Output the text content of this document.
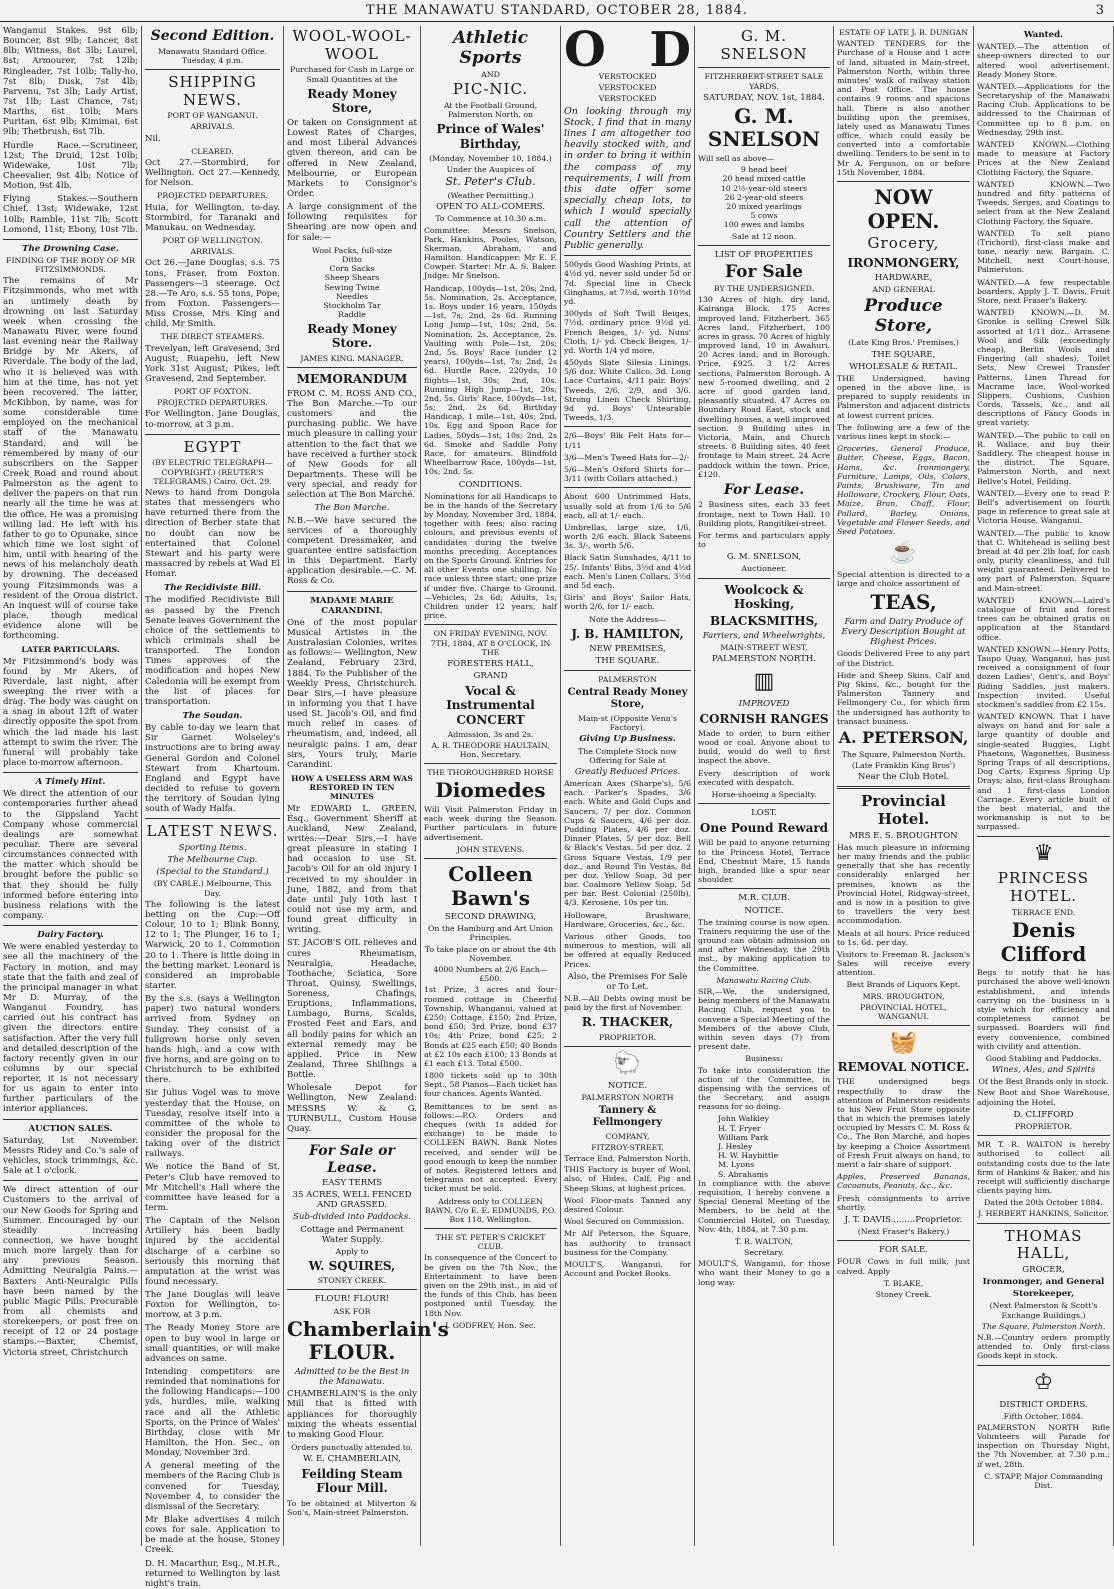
THE MANAWATU STANDARD, OCTOBER 28, 1884.	3

Wanganui Stakes. 9st 6lb; Bouncer, 8st 9lb; Lancer, 8st 8lb; Witness, 8st 3lb; Laurel, 8st; Armourer, 7st 12lb; Ringleader, 7st 10lb; Tally-ho, 7st 8lb; Dusk, 7st 4lb; Parvenu, 7st 3lb; Lady Artist, 7st 1lb; Last Chance, 7st; Marths, 6st 10lb; Mars Puritan, 6st 9lb; Kimimai, 6st 9lb; Thetbrush, 6st 7lb.

Hurdle Race.—Scrutineer, 12st; The Druid, 12st 10lb; Widewake, 10st 7lb; Cheevalier, 9st 4lb; Notice of Motion, 9st 4lb.

Flying Stakes.—Southern Chief, 13st; Widewake, 12st 10lb; Ramble, 11st 7lb; Scott Lomond, 11st; Ebony, 10st 7lb.

The Drowning Case.
FINDING OF THE BODY OF MR FITZSIMMONDS.

The remains of Mr Fitzsimmonds, who met with an untimely death by drowning on last Saturday week when crossing the Manawatu River, were found last evening near the Railway Bridge by Mr Akers, of Riverdale. The body of the lad, who it is believed was with him at the time, has not yet been recovered. The latter, McKibbon, by name, was for some considerable time employed on the mechanical staff of the Manawatu Standard, and will be remembered by many of our subscribers on the Sapper Creek Road and round about Palmerston as the agent to deliver the papers on that run nearly all the time he was at the office. He was a promising willing lad. He left with his father to go to Opunake, since which time we lost sight of him, until with hearing of the news of his melancholy death by drowning. The deceased young Fitzsimmonds was a resident of the Oroua district. An inquest will of course take place, though medical evidence alone will be forthcoming.

LATER PARTICULARS.

Mr Fitzsimmond's body was found by Mr Akers, of Riverdale, last night, after sweeping the river with a drag. The body was caught on a snag in about 12ft of water directly opposite the spot from which the lad made his last attempt to swim the river. The funeral will probably take place to-morrow afternoon.

A Timely Hint.

We direct the attention of our contemporaries further ahead to the Gippsland Yacht Company whose commercial dealings are somewhat peculiar. There are several circumstances connected with the matter which should be brought before the public so that they should be fully informed before entering into business relations with the company.

Dairy Factory.

We were enabled yesterday to see all the machinery of the Factory in motion, and may state that the faith and zeal of the principal manager in what Mr D. Murray, of the Wanganui Foundry, has carried out his contract has given the directors entire satisfaction. After the very full and detailed description of the factory recently given in our columns by our special reporter, it is not necessary for us again to enter into further particulars of the interior appliances.

AUCTION SALES.

Saturday, 1st November. Messrs Ridey and Co.'s sale of vehicles, stock trimmings, &c. Sale at 1 o'clock.

We direct attention of our Customers to the arrival of our New Goods for Spring and Summer. Encouraged by our steadily increasing connection, we have bought much more largely than for any previous Season. Admitting Neuralgia Pains.—Baxters Anti-Neuralgic Pills have been named by the public Magic Pills. Procurable from all chemists and storekeepers, or post free on receipt of 12 or 24 postage stamps.—Baxter, Chemist, Victoria street, Christchurch

Second Edition.
Manawatu Standard Office. Tuesday, 4 p.m.
SHIPPING NEWS.
PORT OF WANGANUI.
ARRIVALS.

Nil.

CLEARED.

Oct 27.—Stormbird, for Wellington. Oct 27.—Kennedy, for Nelson.

PROJECTED DEPARTURES.

Huia, for Wellington, to-day. Stormbird, for Taranaki and Manukau, on Wednesday.

PORT OF WELLINGTON.
ARRIVALS.

Oct 26.—Jane Douglas, s.s. 75 tons, Fraser, from Foxton. Passengers—3 steerage. Oct 28.—Te Aro, s.s. 55 tons, Pope, from Foxton. Passengers—Miss Crosse, Mrs King and child, Mr Smith.

THE DIRECT STEAMERS.

Trevelyan, left Gravesend, 3rd August; Ruapehu, left New York 31st August; Pikes, left Gravesend, 2nd September.

PORT OF FOXTON.
PROJECTED DEPARTURES.

For Wellington. Jane Douglas, to-morrow, at 3 p.m.

EGYPT
(BY ELECTRIC TELEGRAPH—COPYRIGHT.) (REUTER'S TELEGRAMS.) Cairo, Oct. 29.

News to hand from Dongola states that messengers who have returned there from the direction of Berber state that no doubt can now be entertained that Colonel Stewart and his party were massacred by rebels at Wad El Homar.

The Recidiviste Bill.

The modified Recidiviste Bill as passed by the French Senate leaves Government the choice of the settlements to which criminals shall be transported. The London Times approves of the modification and hopes New Caledonia will be exempt from the list of places for transportation.

The Soudan.

By cable to-day we learn that Sir Garnet Wolseley's instructions are to bring away General Gordon and Colonel Stewart from Khartoum. England and Egypt have decided to refuse to govern the territory of Soudan lying south of Wady Halfa.

LATEST NEWS.
Sporting Items.
The Melbourne Cup.
(Special to the Standard.)
(BY CABLE.) Melbourne, This Day.

The following is the latest betting on the Cup:—Off Colour, 10 to 1; Blink Bonny, 12 to 1; The Plunger, 16 to 1; Warwick, 20 to 1. Commotion 20 to 1. There is little doing in the betting market. Leonard is considered an improbable starter.

By the s.s. (says a Wellington paper) two natural wonders arrived from Sydney on Sunday. They consist of a fullgrown horse only seven hands high, and a cow with five horns, and are going on to Christchurch to be exhibited there.

Sir Julius Vogel was to move yesterday that the House, on Tuesday, resolve itself into a committee of the whole to consider the proposal for the taking over of the district railways.

We notice the Band of St. Peter's Club have removed to Mr Mitchell's Hall where the committee have leased for a term.

The Captain of the Nelson Artillery has been badly injured by the accidental discharge of a carbine so seriously this morning that amputation at the wrist was found necessary.

The Jane Douglas will leave Foxton for Wellington, to-morrow, at 3 p.m.

The Ready Money Store are open to buy wool in large or small quantities, or will make advances on same.

Intending competitors are reminded that nominations for the following Handicaps:—100 yds, hurdles, mile, walking race and all the Athletic Sports, on the Prince of Wales' Birthday, close with Mr Hamilton, the Hon. Sec., on Monday, November 3rd.

A general meeting of the members of the Racing Club is convened for Tuesday, November 4, to consider the dismissal of the Secretary.

Mr Blake advertises 4 milch cows for sale. Application to be made at the house, Stoney Creek.

D. H. Macarthur, Esq., M.H.R., returned to Wellington by last night's train.

WOOL-WOOL-WOOL
Purchased for Cash in Large or Small Quantities at the
Ready Money Store,

Or taken on Consignment at Lowest Rates of Charges, and most Liberal Advances given thereon, and can be offered in New Zealand, Melbourne, or European Markets to Consignor's Order.

A large consignment of the following requisites for Shearing are now open and for sale:—

Wool Packs, full-size
Ditto
Corn Sacks
Sheep Shears
Sewing Twine
Needles
Stockholm Tar
Raddle
Ready Money Store.
JAMES KING. MANAGER.
MEMORANDUM

FROM C. M. ROSS AND CO., The Bon Marche.—To our customers and the purchasing public. We have much pleasure in calling your attention to the fact that we have received a further stock of New Goods for all Departments. These will be very special, and ready for selection at The Bon Marché.

The Bon Marche.

N.B.—We have secured the services of a thoroughly competent Dressmaker, and guarantee entire satisfaction in this Department. Early application desirable.—C. M. Ross & Co.

MADAME MARIE CARANDINI.

One of the most popular Musical Artistes in the Australasian Colonies, writes as follows:— Wellington, New Zealand, February 23rd, 1884. To the Publisher of the Weekly Press, Christchurch. Dear Sirs,—I have pleasure in informing you that I have used St. Jacob's Oil, and find much relief in cases of rheumatism, and, indeed, all neuralgic pains. I am, dear sirs, Yours truly, Marie Carandini.

HOW A USELESS ARM WAS RESTORED IN TEN MINUTES

Mr EDWARD L. GREEN, Esq., Government Sheriff at Auckland, New Zealand, writes:—Dear Sirs,—I have great pleasure in stating I had occasion to use St. Jacob's Oil for an old injury I received to my shoulder in June, 1882, and from that date until July 10th last I could not use my arm, and found great difficulty in writing.

ST. JACOB'S OIL relieves and cures Rheumatism, Neuralgia, Headache, Toothache, Sciatica, Sore Throat, Quinsy, Swellings, Soreness, Chafings, Eruptions, Inflammations, Lumbago, Burns, Scalds, Frosted Feet and Ears, and all bodily pains for which an external remedy may be applied. Price in New Zealand, Three Shillings a Bottle.

Wholesale Depot for Wellington, New Zealand: MESSRS W. & G. TURNBULL, Custom House Quay.

For Sale or Lease.
EASY TERMS
35 ACRES, WELL FENCED AND GRASSED.
Sub-divided into Paddocks.
Cottage and Permanent Water Supply.
Apply to
W. SQUIRES,
STONEY CREEK.
FLOUR! FLOUR!
ASK FOR
Chamberlain's FLOUR.
Admitted to be the Best in the Manawatu.

CHAMBERLAIN'S is the only Mill that is fitted with appliances for thoroughly mixing the wheats essential to making Good Flour.

Orders punctually attended to.
W. E. CHAMBERLAIN,
Feilding Steam Flour Mill.

To be obtained at Milverton & Son's, Main-street Palmerston.

Athletic Sports
AND
PIC-NIC.
At the Football Ground, Palmerston North, on
Prince of Wales' Birthday,
(Monday, November 10, 1884.)
Under the Auspices of
St. Peter's Club.
(Weather Permitting.)
OPEN TO ALL-COMERS.
To Commence at 10.30 a.m.

Committee: Messrs Snelson, Park, Hankins, Pooles, Watson, Skerman, Abraham, and Hamilton. Handicapper: Mr E. F. Cowper. Starter: Mr A. S. Baker. Judge: Mr Snelson.

Handicap, 100yds—1st, 20s; 2nd, 5s. Nomination, 2s. Acceptance, 1s. Boys under 16 years, 150yds—1st, 7s; 2nd, 2s 6d. Running Long Jump—1st, 10s; 2nd, 5s. Nomination, 2s. Acceptance, 2s. Vaulting with Pole—1st, 20s; 2nd, 5s. Boys' Race (under 12 years), 100yds—1st, 7s; 2nd, 2s 6d. Hurdle Race, 220yds, 10 flights—1st, 30s; 2nd, 10s. Running High Jump—1st, 20s; 2nd, 5s. Girls' Race, 100yds—1st, 5s; 2nd, 2s 6d. Birthday Handicap, 1 mile—1st, 40s; 2nd, 10s. Egg and Spoon Race for Ladies, 50yds—1st, 10s; 2nd, 2s 6d. Smoke and Saddle Pony Race, for amateurs. Blindfold Wheelbarrow Race, 100yds—1st, 10s; 2nd, 5s.

CONDITIONS.

Nominations for all Handicaps to be in the hands of the Secretary by Monday, November 3rd, 1884, together with fees; also racing colours, and previous events of candidates during the twelve months preceding. Acceptances on the Sports Ground. Entries for all other Events one shilling. No race unless three start; one prize if under five. Charge to Ground.—Vehicles, 2s 6d; Adults, 1s; Children under 12 years, half price.

ON FRIDAY EVENING, NOV. 7TH, 1884, AT 8 O'CLOCK, IN THE
FORESTERS HALL,
GRAND
Vocal & Instrumental CONCERT
Admission, 3s and 2s.
A. R. THEODORE HAULTAIN, Hon. Secretary.
THE THOROUGHBRED HORSE
Diomedes

Will Visit Palmerston Friday in each week during the Season. Further particulars in future advertisement.

JOHN STEVENS.
Colleen Bawn's
SECOND DRAWING,
On the Hamburg and Art Union Principles.
To take place on or about the 4th November.
4000 Numbers at 2/6 Each—£500.

1st Prize, 3 acres and four-roomed cottage in Cheerful Township, Whanganui, valued at £250; Cottage, £150; 2nd Prize, bond £50; 3rd Prize, bond £37 10s; 4th Prize, bond £25; 2 Bonds at £25 each £50; 40 Bonds at £2 10s each £100; 13 Bonds at £1 each £13. Total £500.

1800 tickets sold up to 30th Sept., 58 Pianos—Each ticket has four chances. Agents Wanted.

Remittances to be sent as follows:—P.O. Orders and cheques (with 1s added for exchange) to be made to COLLEEN BAWN. Bank Notes received, and sender will be good enough to keep the number of notes. Registered letters and telegrams not accepted. Every ticket must be sold.

Address only to COLLEEN BAWN, C/o E. E. EDMUNDS, P.O. Box 118, Wellington.
THE ST. PETER'S CRICKET CLUB.

In consequence of the Concert to be given on the 7th Nov., the Entertainment to have been given on the 29th inst., in aid of the funds of this Club, has been postponed until Tuesday, the 18th Nov.

J. GODFREY, Hon. Sec.
O D
VERSTOCKED
VERSTOCKED
VERSTOCKED

On looking through my Stock, I find that in many lines I am altogether too heavily stocked with, and in order to bring it within the compass of my requirements, I will from this date offer some specially cheap lots, to which I would specially call the attention of Country Settlers and the Public generally.

500yds Good Washing Prints, at 4½d yd, never sold under 5d or 7d. Special line in Check Ginghams, at 7½d, worth 10½d yd.

300yds of Soft Twill Beiges, 7½d, ordinary price 9½d yd. French Beiges, 1/- yd. Nuns' Cloth, 1/- yd. Check Beiges, 1/- yd. Worth 1/4 yd more.

450yds Slate Silesia Linings, 5/6 doz. White Calico, 3d. Long Lace Curtains, 4/11 pair. Boys' Tweeds, 2/6, 2/9, and 3/6. Strong Linen Check Shirting, 9d yd. Boys' Untearable Tweeds, 1/3.

2/6—Boys' Blk Felt Hats for—1/11

3/6—Men's Tweed Hats for—2/-

5/6—Men's Oxford Shirts for—3/11 (with Collars attached.)

About 600 Untrimmed Hats, usually sold at from 1/6 to 5/6 each, all at 1/- each.

Umbrellas, large size, 1/6, worth 2/6 each. Black Sateens 3s. 3/-, worth 5/6.

Black Satin Sunshades, 4/11 to 25/. Infants' Bibs, 3½d and 4½d each. Men's Linen Collars, 3½d and 5d each.

Girls' and Boys' Sailor Hats, worth 2/6, for 1/- each.

Note the Address—
J. B. HAMILTON,
NEW PREMISES,
THE SQUARE.
PALMERSTON
Central Ready Money Store,
Main-st (Opposite Venn's Factory).
Giving Up Business.
The Complete Stock now Offering for Sale at
Greatly Reduced Prices.

American Axes (Sharpe's), 5/6 each. Parker's Spades, 3/6 each. White and Gold Cups and Saucers, 7/ per doz. Common Cups & Saucers, 4/6 per doz. Pudding Plates, 4/6 per doz. Dinner Plates, 5/ per doz. Bell & Black's Vestas, 5d per doz. 2 Gross Square Vestas, 1/9 per doz., and Round Tin Vestas, 8d per doz. Yellow Soap, 3d per bar. Coalmore Yellow Soap, 5d per bar. Best Colonial (250lb), 4/3. Kerosene, 10s per tin.

Holloware, Brushware, Hardware, Groceries, &c., &c.

Various other Goods, too numerous to mention, will all be offered at equally Reduced Prices.

Also, the Premises For Sale or To Let.

N.B.—All Debts owing must be paid by the first of November.

R. THACKER,
PROPRIETOR.
🐑
NOTICE.
PALMERSTON NORTH
Tannery & Fellmongery
COMPANY,
FITZROY-STREET,
Terrace End, Palmerston North.

THIS Factory is buyer of Wool, also, of Hides, Calf, Pig and Sheep Skins, at highest prices.

Wool Floor-mats Tanned any desired Colour.

Wool Secured on Commission.

Mr Alf Peterson, the Square, has authority to transact business for the Company.

MOULT'S, Wanganui, for Account and Pocket Books.

G. M. SNELSON
FITZHERBERT-STREET SALE YARDS.
SATURDAY, NOV. 1st, 1884.
G. M. SNELSON
Will sell as above—
9 head beef
20 head mixed cattle
10 2½-year-old steers
26 2-year-old steers
20 mixed yearlings
5 cows
100 ewes and lambs
Sale at 12 noon.
LIST OF PROPERTIES
For Sale
BY THE UNDERSIGNED.

130 Acres of high, dry land, Kairanga Block. 175 Acres improved land, Fitzherbert. 365 Acres land, Fitzherbert, 100 acres in grass. 70 Acres of highly improved land, 10 in Awahuri. 20 Acres land, and in Borough. Price, £925. 3 1/2 Acres sections, Palmerston Borough. A new 5-roomed dwelling, and 2 acre of good garden land, pleasantly situated. 47 Acres on Boundary Road East, stock and dwelling houses, a well improved section. 9 Building sites in Victoria, Main, and Church streets. 8 Building sites, 40 feet frontage to Main street. 24 Acre paddock within the town. Price, £120.

For Lease.

2 Business sites, each 33 feet frontage, next to Town Hall. 10 Building plots, Rangitikei-street.

For terms and particulars apply to

G. M. SNELSON,
Auctioneer.
Woolcock & Hosking,
BLACKSMITHS,
Farriers, and Wheelwrights,
MAIN-STREET WEST,
PALMERSTON NORTH.
▥
IMPROVED
CORNISH RANGES

Made to order, to burn either wood or coal. Anyone about to build, would do well to first inspect the above.

Every description of work executed with despatch.

Horse-shoeing a Specialty.
LOST.
One Pound Reward

Will be paid to anyone returning to the Princess Hotel, Terrace End, Chestnut Mare, 15 hands high, branded like a spur near shoulder.

M.R. CLUB.
NOTICE.

The training course is now open. Trainers requiring the use of the ground can obtain admission on and after Wednesday, the 29th inst., by making application to the Committee.

Manawatu Racing Club.

SIR,—We, the undersigned, being members of the Manawatu Racing Club, request you to convene a Special Meeting of the Members of the above Club, within seven days (7) from present date.

Business:

To take into consideration the action of the Committee, in dispensing with the services of the Secretary, and assign reasons for so doing.

John Walkley
H. T. Fryer
William Park
J. Hesley
H. W. Haybittle
M. Lyons
S. Abrahams

In compliance with the above requisition, I hereby convene a Special General Meeting of the Members, to be held at the Commercial Hotel, on Tuesday, Nov. 4th, 1884, at 7.30 p.m.

T. R. WALTON,
Secretary.

MOULT'S, Wanganui, for those who want their Money to go a long way.

ESTATE OF LATE J. B. DUNGAN

WANTED TENDERS for the Purchase of a House and 1 acre of land, situated in Main-street, Palmerston North, within three minutes' walk of railway station and Post Office. The house contains 9 rooms and spacious hall. There is also another building upon the premises, lately used as Manawatu Times office, which could easily be converted into a comfortable dwelling. Tenders to be sent in to Mr A. Ferguson, on or before 15th November, 1884.

NOW OPEN.
Grocery,
IRONMONGERY,
HARDWARE,
AND GENERAL
Produce Store,
(Late King Bros.' Premises,)
THE SQUARE,
WHOLESALE & RETAIL.

THE Undersigned, having opened in the above line, is prepared to supply residents in Palmerston and adjacent districts at lowest current prices.

The following are a few of the various lines kept in stock:—

Groceries, General Produce, Butter, Cheese, Eggs, Bacon, Hams, &c. Ironmongery, Furniture, Lamps, Oils, Colors, Paints, Brushware, Tin and Holloware, Crockery, Flour, Oats, Maize, Bran, Chaff, Flour, Pollard, Barley, Onions, Vegetable and Flower Seeds, and Seed Potatoes.

☕

Special attention is directed to a large and choice assortment of

TEAS,
Farm and Dairy Produce of Every Description Bought at Highest Prices.

Goods Delivered Free to any part of the District.

Hide and Sheep Skins, Calf and Pig Skins, &c., bought for the Palmerston Tannery and Fellmongery Co., for which firm the undersigned has authority to transact business.

A. PETERSON,
The Square, Palmerston North.
(Late Franklin King Bros')
Near the Club Hotel.
Provincial Hotel.
MRS E. S. BROUGHTON

Has much pleasure in informing her many friends and the public generally that she has recently considerably enlarged her premises, known as the Provincial Hotel, Ridgway-street, and is now in a position to give to travellers the very best accommodation.

Meals at all hours. Price reduced to 1s. 6d. per day.

Visitors to Freeman R. Jackson's Sales will receive every attention.

Best Brands of Liquors Kept.
MRS. BROUGHTON,
PROVINCIAL HOTEL, WANGANUI.
🧺
REMOVAL NOTICE.

THE undersigned begs respectfully to draw the attention of Palmerston residents to his New Fruit Store opposite that in which the premises lately occupied by Messrs C. M. Ross & Co., The Bon Marché, and hopes by keeping a Choice Assortment of Fresh Fruit always on hand, to merit a fair share of support.

Apples, Preserved Bananas, Cocoanuts, Peanuts, &c., &c.

Fresh consignments to arrive shortly.

J. T. DAVIS.........Proprietor.
(Next Fraser's Bakery.)
FOR SALE.

FOUR Cows in full milk, just calved. Apply

T. BLAKE,
Stoney Creek.
Wanted.

WANTED.—The attention of sheep-owners directed to our altered wool advertisement. Ready Money Store.

WANTED.—Applications for the Secretaryship of the Manawatu Racing Club. Applications to be addressed to the Chairman of Committee up to 8 p.m. on Wednesday, 29th inst.

WANTED KNOWN.—Clothing made to measure at Factory Prices at the New Zealand Clothing Factory, the Square.

WANTED KNOWN.—Two hundred and fifty patterns of Tweeds, Serges, and Coatings to select from at the New Zealand Clothing Factory, the Square.

WANTED To sell piano (Trichord), first-class make and tone, nearly new. Bargain. C. Mitchell, next Court-house, Palmerston.

WANTED.—A few respectable boarders. Apply J. T. Davis, Fruit Store, next Fraser's Bakery.

WANTED KNOWN.—D. M. Gronke is selling Crewel Silk assorted at 1/11 doz., Arrasene Wool and Silk (exceedingly cheap), Berlin Wools and Fingering (all shades), Toilet Sets, New Crewel Transfer Patterns, Linen Thread for Macrame lace, Wool-worked Slippers, Cushions, Cushion Cords, Tassels, &c., and all descriptions of Fancy Goods in great variety.

WANTED.—The public to call on R. Wallace, and buy their Saddlery. The cheapest house in the district. The Square, Palmerston North, and next Bellve's Hotel, Feilding.

WANTED.—Every one to read P. Bell's advertisement on fourth page in reference to great sale at Victoria House, Wanganui.

WANTED.—The public to know that C. Whitehead is selling best bread at 4d per 2lb loaf, for cash only, purity cleanliness, and full weight guaranteed. Delivered to any part of Palmerston. Square and Main-street.

WANTED KNOWN.—Laird's catalogue of fruit and forest trees can be obtained gratis on application at the Standard office.

WANTED KNOWN.—Henry Potts, Taupo Quay, Wanganui, has just received a consignment of four dozen Ladies', Gent's, and Boys' Riding Saddles, just makers. Inspection invited. Useful stockmen's saddles from £2 15s.

WANTED KNOWN. That I have always on hand and for sale a large quantity of double and single-seated Buggies, Light Phaetons, Wagonettes, Business Spring Traps of all descriptions, Dog Carts, Express Spring Up Drays; also, first-class Brougham and 1 first-class London Carriage. Every article built of the best material, and the workmanship is not to be surpassed.

♛
PRINCESS HOTEL.
TERRACE END.
Denis Clifford

Begs to notify that he has purchased the above well-known establishment, and intends carrying on the business in a style which for efficiency and completeness cannot be surpassed. Boarders will find every convenience, combined with civility and attention.

Good Stabling and Paddocks.
Wines, Ales, and Spirits
Of the Best Brands only in stock.

New Boot and Shoe Warehouse, adjoining the Hotel.

D. CLIFFORD
PROPRIETOR.

MR T. R. WALTON is hereby authorised to collect all outstanding costs due to the late firm of Hankins & Baker, and his receipt will sufficiently discharge clients paying him.

Dated the 20th October 1884.
J. HERBERT HANKINS, Solicitor.
THOMAS HALL,
GROCER,
Ironmonger, and General
Storekeeper,
(Next Palmerston & Scott's Exchange Buildings.)
The Square, Palmerston North.

N.B.—Country orders promptly attended to. Only first-class Goods kept in stock.

♔
DISTRICT ORDERS.
Fifth October, 1884.

PALMERSTON NORTH Rifle Volunteers will Parade for inspection on Thursday Night, the 7th November, at 7.30 p.m.; if wet, 28th.

C. STAPP, Major Commanding Dist.
